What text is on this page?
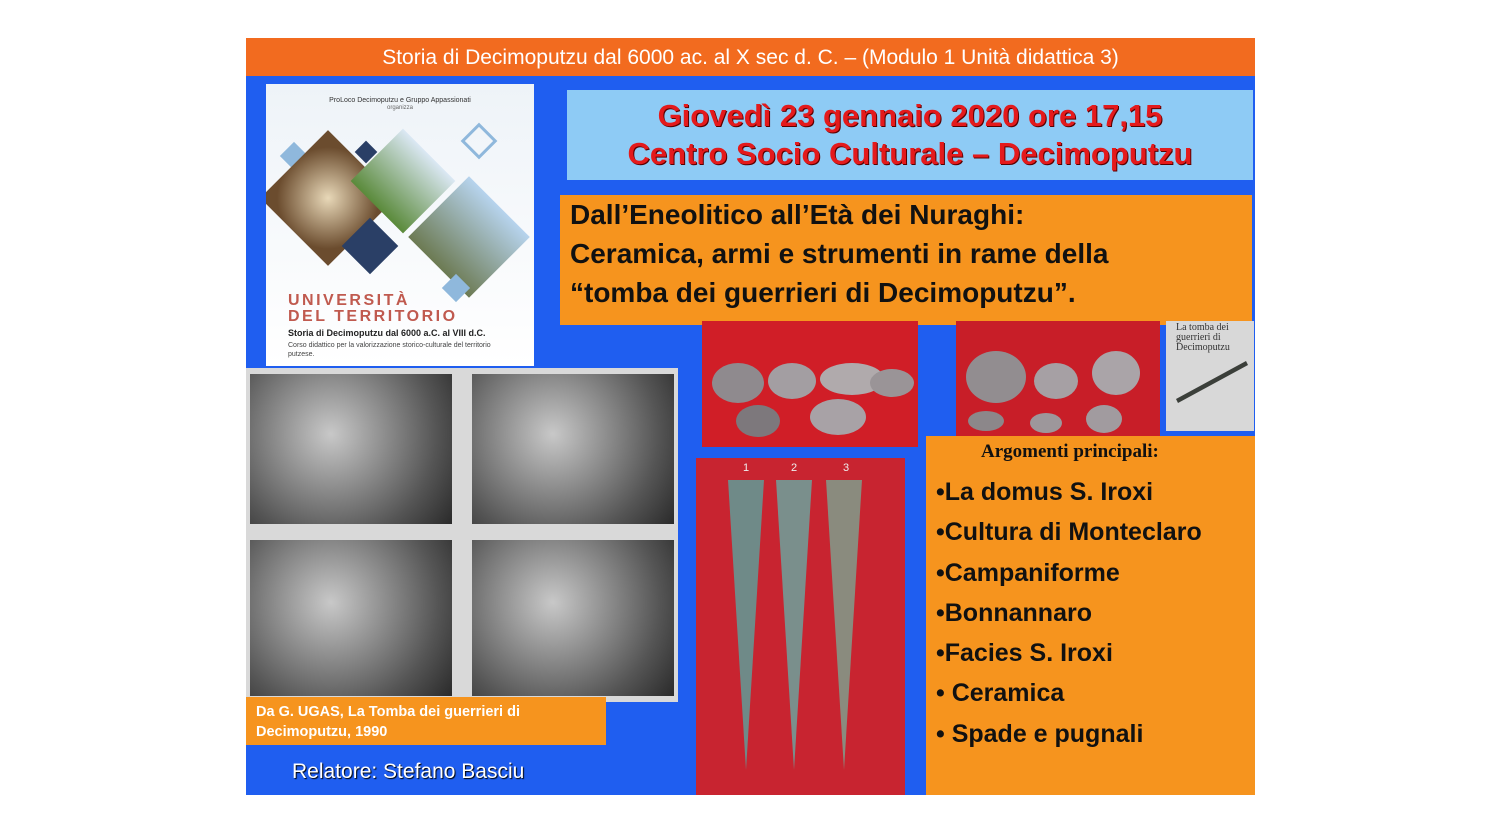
Storia di Decimoputzu dal 6000 ac. al X sec d. C. – (Modulo 1 Unità didattica 3)
ProLoco Decimoputzu e Gruppo Appassionati
organizza
UNIVERSITÀ
DEL TERRITORIO
Storia di Decimoputzu dal 6000 a.C. al VIII d.C.
Corso didattico per la valorizzazione storico-culturale del territorio putzese.
Giovedì 23 gennaio 2020 ore 17,15
Centro Socio Culturale – Decimoputzu
Dall’Eneolitico all’Età dei Nuraghi:
Ceramica, armi e strumenti in rame della
“tomba dei guerrieri di Decimoputzu”.
Da G. UGAS, La Tomba dei guerrieri di Decimoputzu, 1990
Relatore: Stefano Basciu
La tomba dei guerrieri di Decimoputzu
1	2	3
Argomenti principali:
•La domus S. Iroxi
•Cultura di Monteclaro
•Campaniforme
•Bonnannaro
•Facies S. Iroxi
• Ceramica
• Spade e pugnali
